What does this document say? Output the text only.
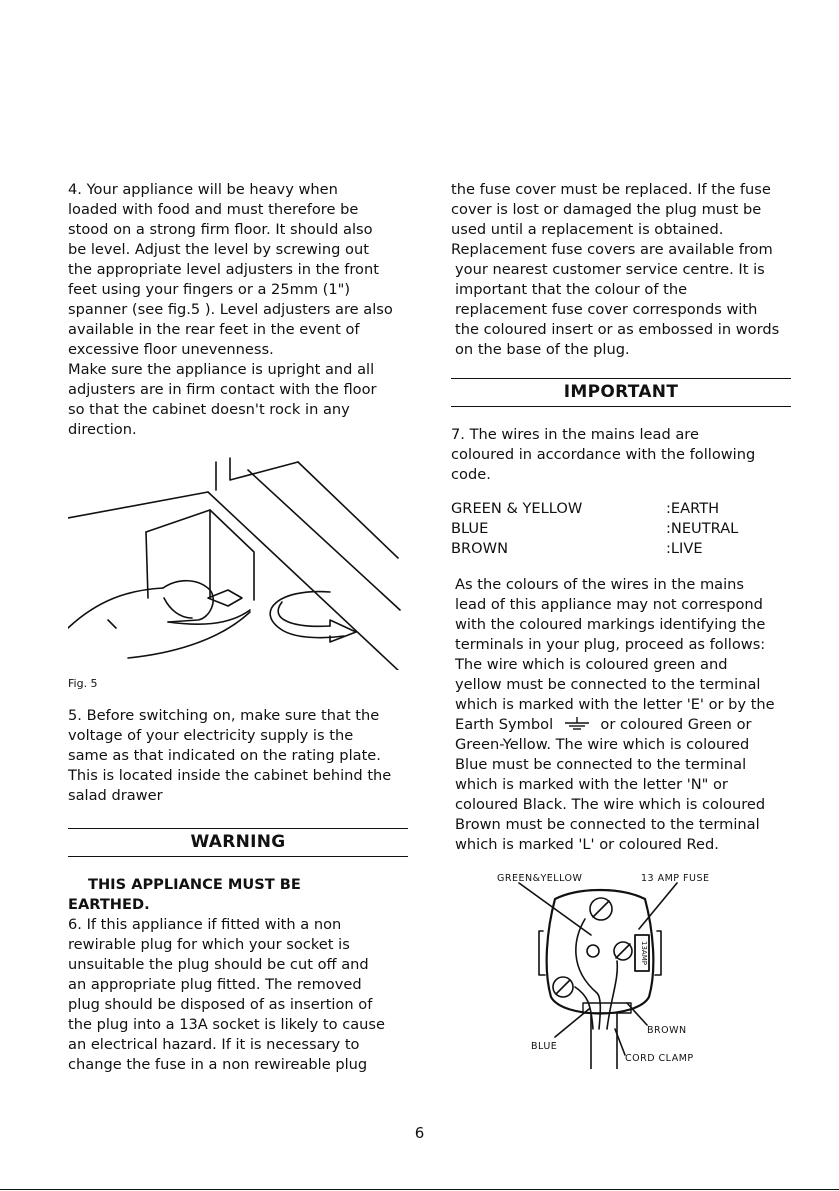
4. Your appliance will be heavy when
loaded with food and must therefore be
stood on a strong firm floor. It should also
be level. Adjust the level by screwing out
the appropriate level adjusters in the front
feet using your fingers or a 25mm (1")
spanner (see fig.5 ). Level adjusters are also
available in the rear feet in the event of
excessive floor unevenness.

Make sure the appliance is upright and all
adjusters are in firm contact with the floor
so that the cabinet doesn't rock in any
direction.

Fig. 5

5. Before switching on, make sure that the
voltage of your electricity supply is the
same as that indicated on the rating plate.
This is located inside the cabinet behind the
salad drawer

WARNING

THIS APPLIANCE MUST BE

EARTHED.

6. If this appliance if fitted with a non
rewirable plug for which your socket is
unsuitable the plug should be cut off and
an appropriate plug fitted. The removed
plug should be disposed of as insertion of
the plug into a 13A socket is likely to cause
an electrical hazard. If it is necessary to
change the fuse in a non rewireable plug

the fuse cover must be replaced. If the fuse
cover is lost or damaged the plug must be
used until a replacement is obtained.

Replacement fuse covers are available from
your nearest customer service centre. It is
important that the colour of the
replacement fuse cover corresponds with
the coloured insert or as embossed in words
on the base of the plug.

IMPORTANT

7. The wires in the mains lead are
coloured in accordance with the following
code.

GREEN & YELLOW	:EARTH
BLUE	:NEUTRAL
BROWN	:LIVE

As the colours of the wires in the mains
lead of this appliance may not correspond
with the coloured markings identifying the
terminals in your plug, proceed as follows:

The wire which is coloured green and
yellow must be connected to the terminal
which is marked with the letter 'E' or by the
Earth Symbol	or coloured Green or
Green-Yellow. The wire which is coloured
Blue must be connected to the terminal
which is marked with the letter 'N" or
coloured Black. The wire which is coloured
Brown must be connected to the terminal
which is marked 'L' or coloured Red.

GREEN&YELLOW	13 AMP FUSE
BLUE
BROWN
CORD CLAMP
13AMP
6
